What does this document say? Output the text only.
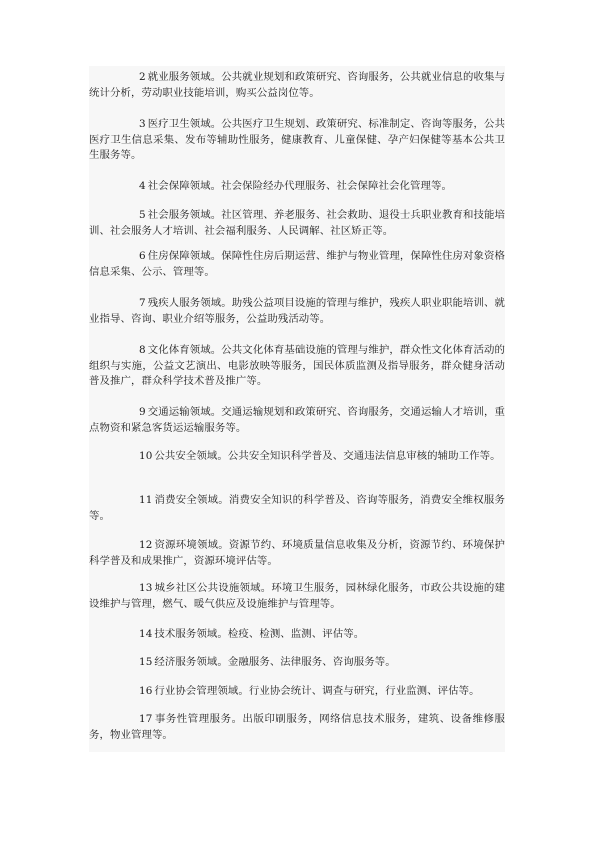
2 就业服务领域。公共就业规划和政策研究、咨询服务，公共就业信息的收集与统计分析，劳动职业技能培训，购买公益岗位等。

3 医疗卫生领域。公共医疗卫生规划、政策研究、标准制定、咨询等服务，公共医疗卫生信息采集、发布等辅助性服务，健康教育、儿童保健、孕产妇保健等基本公共卫生服务等。

4 社会保障领域。社会保险经办代理服务、社会保障社会化管理等。

5 社会服务领域。社区管理、养老服务、社会救助、退役士兵职业教育和技能培训、社会服务人才培训、社会福利服务、人民调解、社区矫正等。

6 住房保障领域。保障性住房后期运营、维护与物业管理，保障性住房对象资格信息采集、公示、管理等。

7 残疾人服务领域。助残公益项目设施的管理与维护，残疾人职业职能培训、就业指导、咨询、职业介绍等服务，公益助残活动等。

8 文化体育领域。公共文化体育基础设施的管理与维护，群众性文化体育活动的组织与实施，公益文艺演出、电影放映等服务，国民体质监测及指导服务，群众健身活动普及推广，群众科学技术普及推广等。

9 交通运输领域。交通运输规划和政策研究、咨询服务，交通运输人才培训，重点物资和紧急客货运运输服务等。

10 公共安全领域。公共安全知识科学普及、交通违法信息审核的辅助工作等。

11 消费安全领域。消费安全知识的科学普及、咨询等服务，消费安全维权服务等。

12 资源环境领域。资源节约、环境质量信息收集及分析，资源节约、环境保护科学普及和成果推广，资源环境评估等。

13 城乡社区公共设施领域。环境卫生服务，园林绿化服务，市政公共设施的建设维护与管理，燃气、暖气供应及设施维护与管理等。

14 技术服务领域。检疫、检测、监测、评估等。

15 经济服务领域。金融服务、法律服务、咨询服务等。

16 行业协会管理领域。行业协会统计、调查与研究，行业监测、评估等。

17 事务性管理服务。出版印刷服务，网络信息技术服务，建筑、设备维修服务，物业管理等。
